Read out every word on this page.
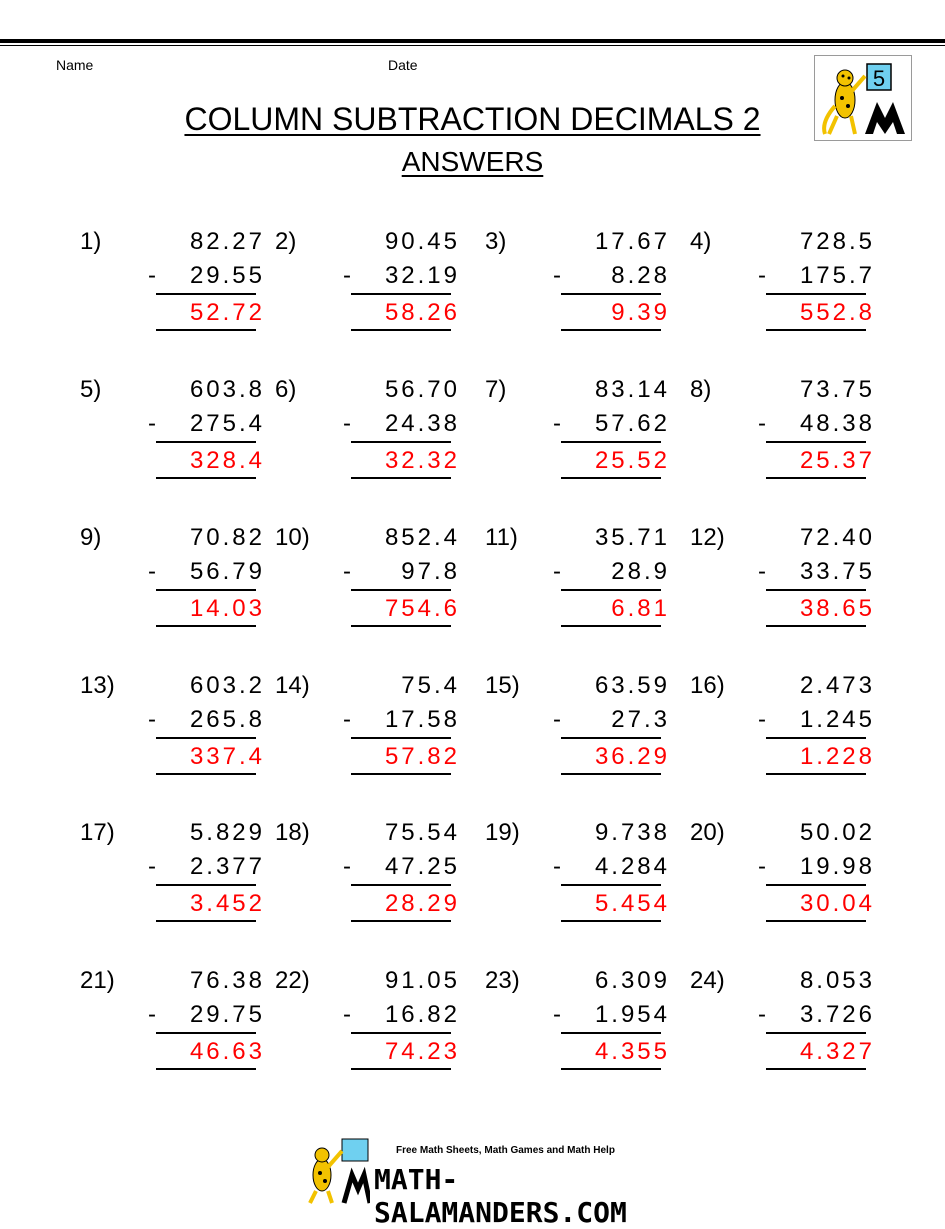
Name	Date
COLUMN SUBTRACTION DECIMALS 2
ANSWERS
5
1)	82.27
29.55
52.72
-
2)	90.45
32.19
58.26
-
3)	17.67
8.28
9.39
-
4)	728.5
175.7
552.8
-
5)	603.8
275.4
328.4
-
6)	56.70
24.38
32.32
-
7)	83.14
57.62
25.52
-
8)	73.75
48.38
25.37
-
9)	70.82
56.79
14.03
-
10)	852.4
97.8
754.6
-
11)	35.71
28.9
6.81
-
12)	72.40
33.75
38.65
-
13)	603.2
265.8
337.4
-
14)	75.4
17.58
57.82
-
15)	63.59
27.3
36.29
-
16)	2.473
1.245
1.228
-
17)	5.829
2.377
3.452
-
18)	75.54
47.25
28.29
-
19)	9.738
4.284
5.454
-
20)	50.02
19.98
30.04
-
21)	76.38
29.75
46.63
-
22)	91.05
16.82
74.23
-
23)	6.309
1.954
4.355
-
24)	8.053
3.726
4.327
-
Free Math Sheets, Math Games and Math Help
MATH-SALAMANDERS.COM
